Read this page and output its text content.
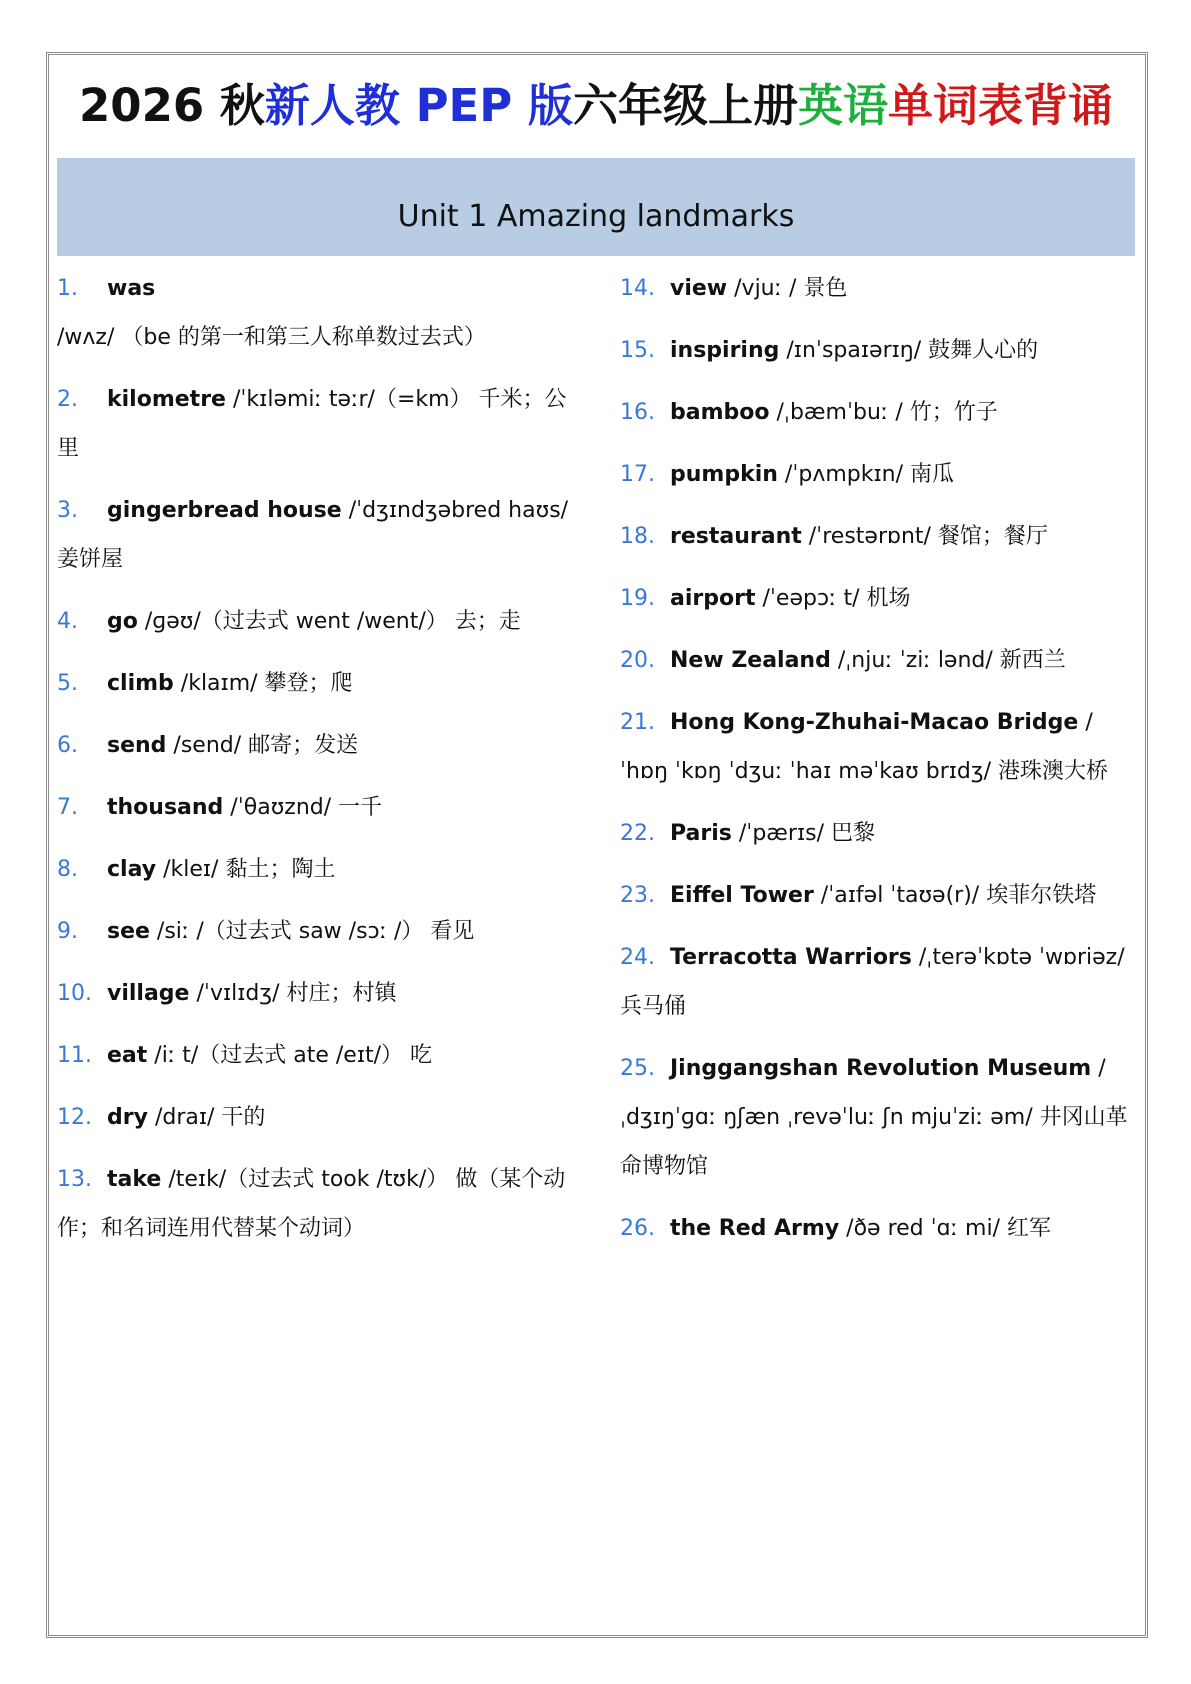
2026 秋 新人教 PEP 版 六年级上册 英语 单词表背诵
Unit 1 Amazing landmarks
1. was /wʌz/ （be 的第一和第三人称单数过去式）
2. kilometre /ˈkɪləmiː təːr/（=km） 千米；公里
3. gingerbread house /ˈdʒɪndʒəbred haʊs/ 姜饼屋
4. go /ɡəʊ/（过去式 went /went/） 去；走
5. climb /klaɪm/ 攀登；爬
6. send /send/ 邮寄；发送
7. thousand /ˈθaʊznd/ 一千
8. clay /kleɪ/ 黏土；陶土
9. see /siː /（过去式 saw /sɔː /） 看见
10. village /ˈvɪlɪdʒ/ 村庄；村镇
11. eat /iː t/（过去式 ate /eɪt/） 吃
12. dry /draɪ/ 干的
13. take /teɪk/（过去式 took /tʊk/） 做（某个动作；和名词连用代替某个动词）
14. view /vjuː / 景色
15. inspiring /ɪnˈspaɪərɪŋ/ 鼓舞人心的
16. bamboo /ˌbæmˈbuː / 竹；竹子
17. pumpkin /ˈpʌmpkɪn/ 南瓜
18. restaurant /ˈrestərɒnt/ 餐馆；餐厅
19. airport /ˈeəpɔː t/ 机场
20. New Zealand /ˌnjuː ˈziː lənd/ 新西兰
21. Hong Kong-Zhuhai-Macao Bridge /ˈhɒŋ ˈkɒŋ ˈdʒuː ˈhaɪ məˈkaʊ brɪdʒ/ 港珠澳大桥
22. Paris /ˈpærɪs/ 巴黎
23. Eiffel Tower /ˈaɪfəl ˈtaʊə(r)/ 埃菲尔铁塔
24. Terracotta Warriors /ˌterəˈkɒtə ˈwɒriəz/ 兵马俑
25. Jinggangshan Revolution Museum /ˌdʒɪŋˈɡɑː ŋʃæn ˌrevəˈluː ʃn mjuˈziː əm/ 井冈山革命博物馆
26. the Red Army /ðə red ˈɑː mi/ 红军
